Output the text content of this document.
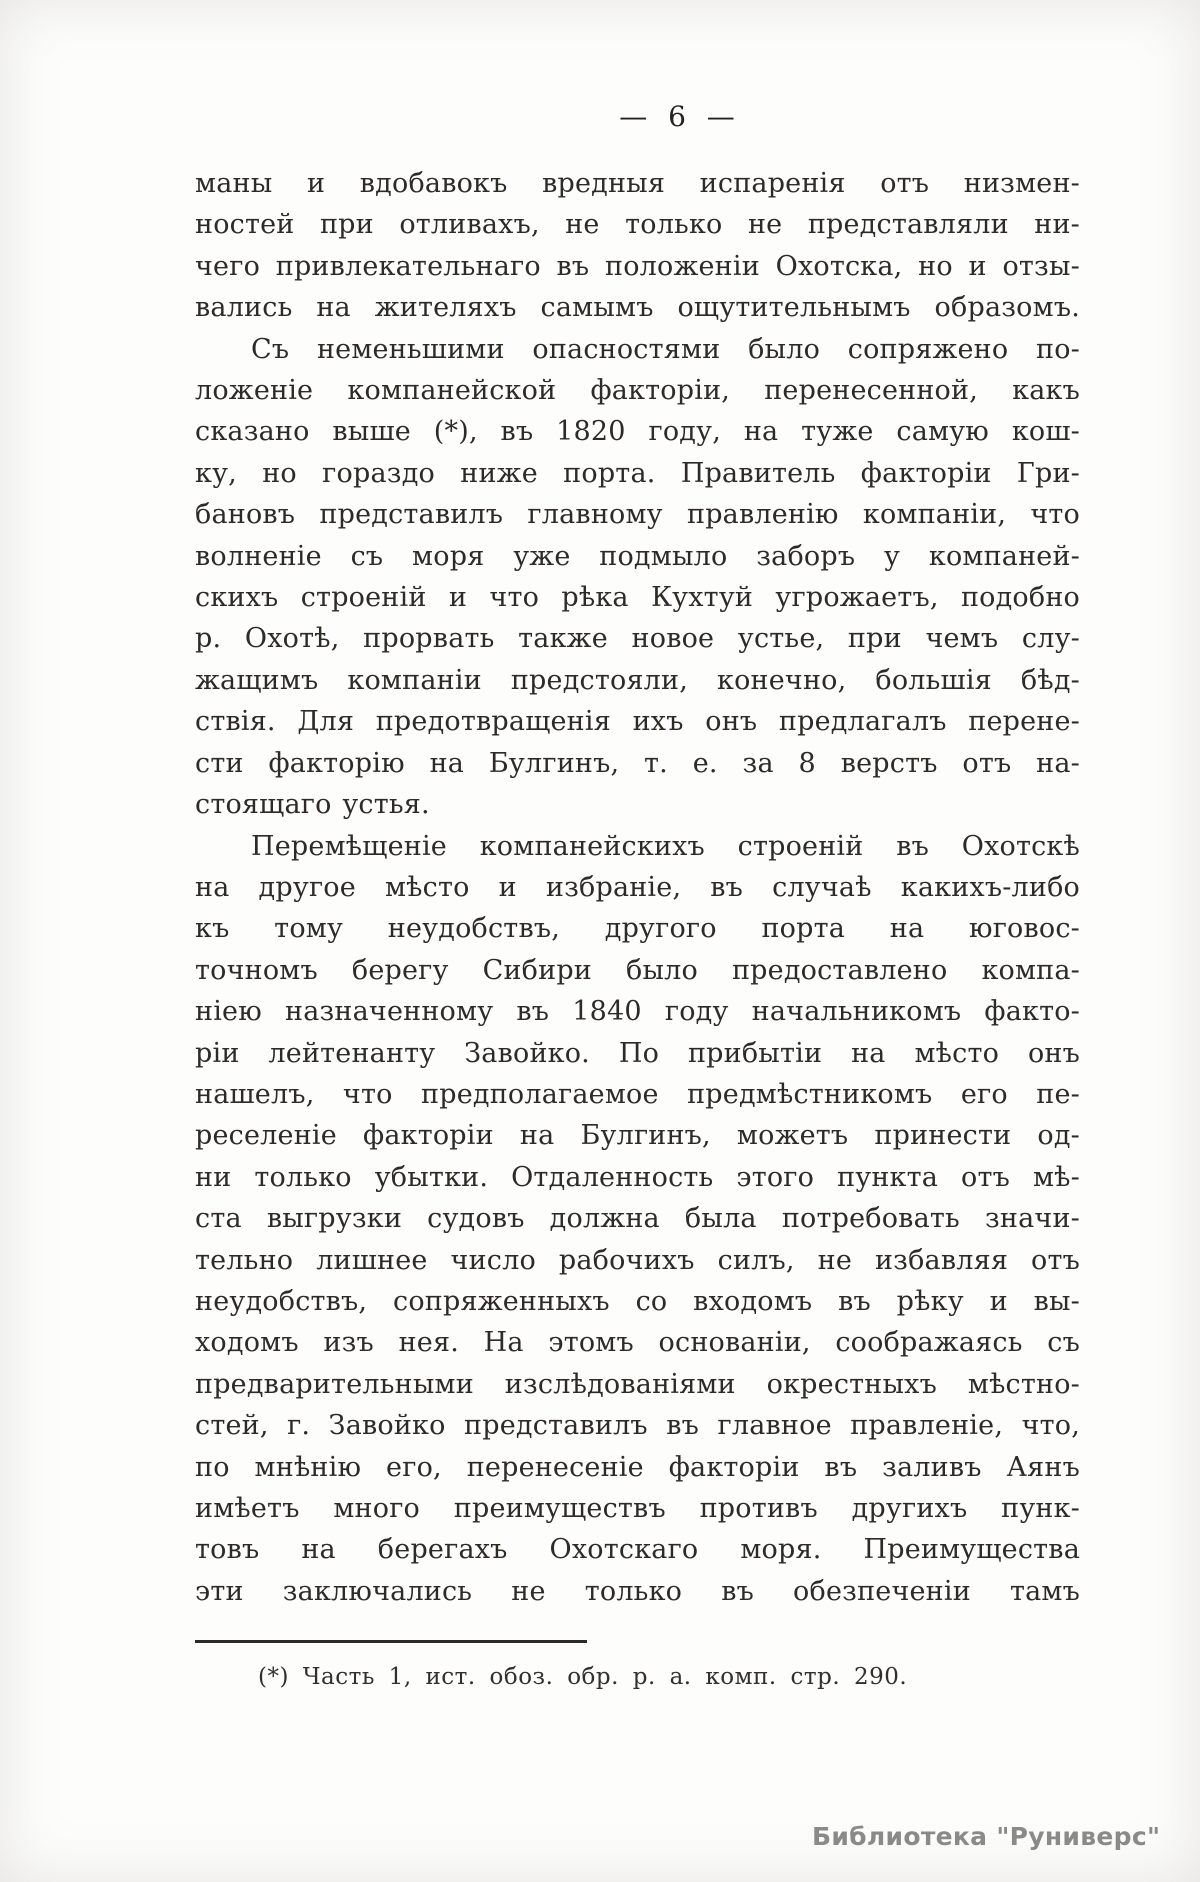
— 6 —
маны и вдобавокъ вредныя испаренія отъ низмен-
ностей при отливахъ, не только не представляли ни-
чего привлекательнаго въ положеніи Охотска, но и отзы-
вались на жителяхъ самымъ ощутительнымъ образомъ.
Съ неменьшими опасностями было сопряжено по-
ложеніе компанейской факторіи, перенесенной, какъ
сказано выше (*), въ 1820 году, на туже самую кош-
ку, но гораздо ниже порта. Правитель факторіи Гри-
бановъ представилъ главному правленію компаніи, что
волненіе съ моря уже подмыло заборъ у компаней-
скихъ строеній и что рѣка Кухтуй угрожаетъ, подобно
р. Охотѣ, прорвать также новое устье, при чемъ слу-
жащимъ компаніи предстояли, конечно, большія бѣд-
ствія. Для предотвращенія ихъ онъ предлагалъ перене-
сти факторію на Булгинъ, т. е. за 8 верстъ отъ на-
стоящаго устья.
Перемѣщеніе компанейскихъ строеній въ Охотскѣ
на другое мѣсто и избраніе, въ случаѣ какихъ-либо
къ тому неудобствъ, другого порта на юговос-
точномъ берегу Сибири было предоставлено компа-
ніею назначенному въ 1840 году начальникомъ факто-
ріи лейтенанту Завойко. По прибытіи на мѣсто онъ
нашелъ, что предполагаемое предмѣстникомъ его пе-
реселеніе факторіи на Булгинъ, можетъ принести од-
ни только убытки. Отдаленность этого пункта отъ мѣ-
ста выгрузки судовъ должна была потребовать значи-
тельно лишнее число рабочихъ силъ, не избавляя отъ
неудобствъ, сопряженныхъ со входомъ въ рѣку и вы-
ходомъ изъ нея. На этомъ основаніи, соображаясь съ
предварительными изслѣдованіями окрестныхъ мѣстно-
стей, г. Завойко представилъ въ главное правленіе, что,
по мнѣнію его, перенесеніе факторіи въ заливъ Аянъ
имѣетъ много преимуществъ противъ другихъ пунк-
товъ на берегахъ Охотскаго моря. Преимущества
эти заключались не только въ обезпеченіи тамъ
(*) Часть 1, ист. обоз. обр. р. а. комп. стр. 290.
Библиотека "Руниверс"
